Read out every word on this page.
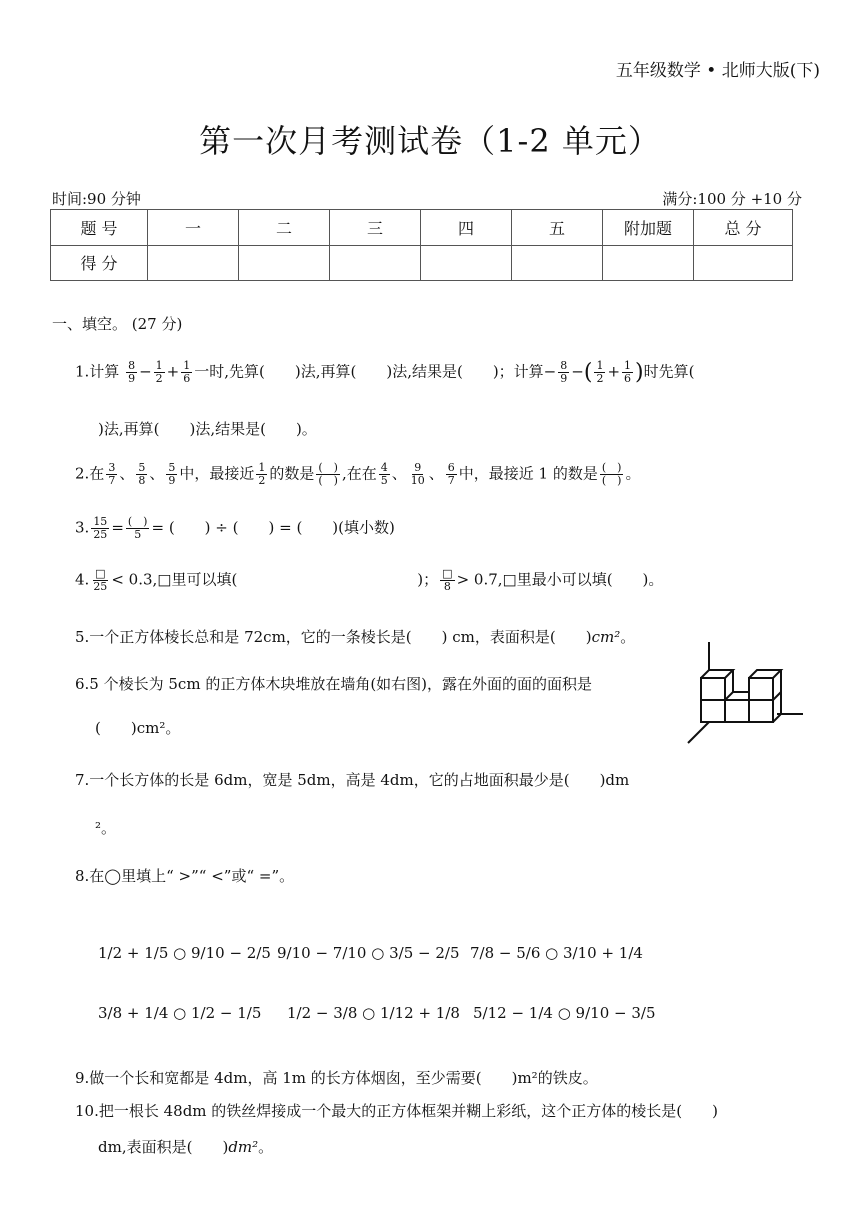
五年级数学 • 北师大版(下)
第一次月考测试卷（1-2 单元）
时间:90 分钟	满分:100 分 +10 分
题 号	一	二	三	四	五	附加题	总 分
得 分							
一、填空。 (27 分)
1.计算 $\frac{8}{9} - \frac{1}{2} + \frac{1}{6}$ 一时,先算(　　)法,再算(　　)法,结果是(　　)；计算− $\frac{8}{9}$ −( $\frac{1}{2} + \frac{1}{6}$ )时先算(
)法,再算(　　)法,结果是(　　)。
2.在 $\frac{3}{7}$ 、 $\frac{5}{8}$ 、 $\frac{5}{9}$ 中，最接近 $\frac{1}{2}$ 的数是 $\frac{( )}{( )}$ ,在在 $\frac{4}{5}$ 、 $\frac{9}{10}$ 、 $\frac{6}{7}$ 中，最接近 1 的数是 $\frac{( )}{( )}$ 。
3. $\frac{15}{25} = \frac{( )}{5}$ = (　　) ÷ (　　) = (　　)(填小数)
4. $\frac{□}{25}$ < 0.3,□里可以填(	)； $\frac{□}{8}$ > 0.7,□里最小可以填(　　)。
5.一个正方体棱长总和是 72cm，它的一条棱长是(　　) cm，表面积是(　　)cm²。
6.5 个棱长为 5cm 的正方体木块堆放在墙角(如右图)，露在外面的面的面积是
(　　)cm²。
7.一个长方体的长是 6dm，宽是 5dm，高是 4dm，它的占地面积最少是(　　)dm
²。
8.在◯里填上“ >”“ <”或“ =”。
1/2 + 1/5 ○ 9/10 − 2/5 9/10 − 7/10 ○ 3/5 − 2/5 7/8 − 5/6 ○ 3/10 + 1/4
3/8 + 1/4 ○ 1/2 − 1/5 1/2 − 3/8 ○ 1/12 + 1/8 5/12 − 1/4 ○ 9/10 − 3/5
9.做一个长和宽都是 4dm，高 1m 的长方体烟囱，至少需要(　　)m²的铁皮。
10.把一根长 48dm 的铁丝焊接成一个最大的正方体框架并糊上彩纸，这个正方体的棱长是(　　)
dm,表面积是(　　)dm²。
